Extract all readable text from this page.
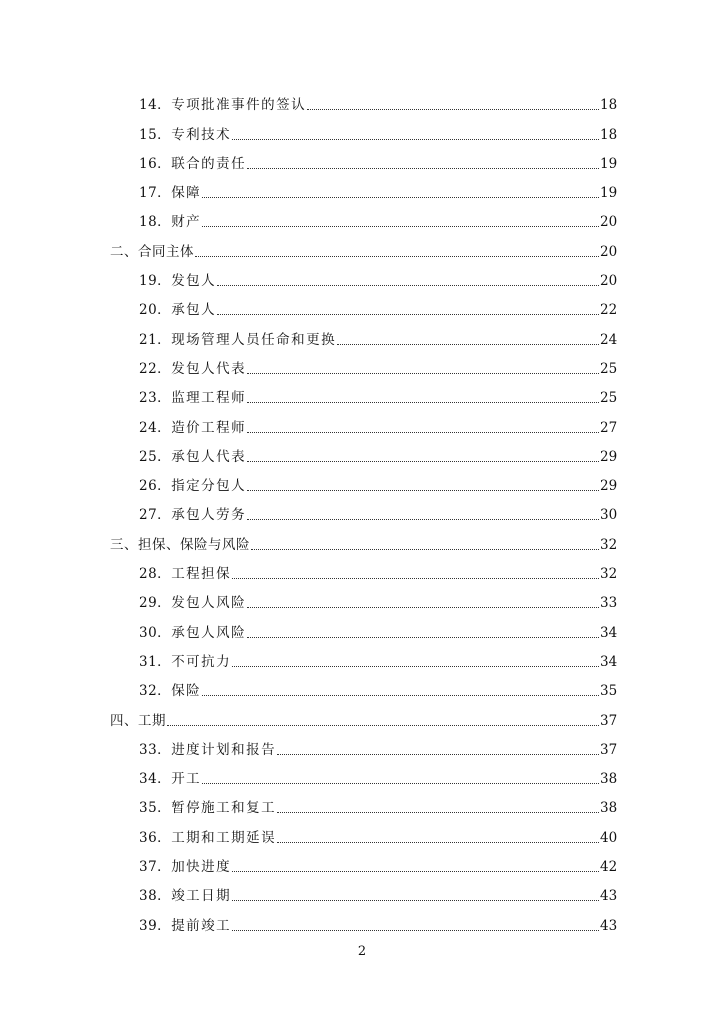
14． 专项批准事件的签认	18
15． 专利技术	18
16． 联合的责任	19
17． 保障	19
18． 财产	20
二、 合同主体	20
19． 发包人	20
20． 承包人	22
21． 现场管理人员任命和更换	24
22． 发包人代表	25
23． 监理工程师	25
24． 造价工程师	27
25． 承包人代表	29
26． 指定分包人	29
27． 承包人劳务	30
三、 担保、保险与风险	32
28． 工程担保	32
29． 发包人风险	33
30． 承包人风险	34
31． 不可抗力	34
32． 保险	35
四、 工期	37
33． 进度计划和报告	37
34． 开工	38
35． 暂停施工和复工	38
36． 工期和工期延误	40
37． 加快进度	42
38． 竣工日期	43
39． 提前竣工	43
2
